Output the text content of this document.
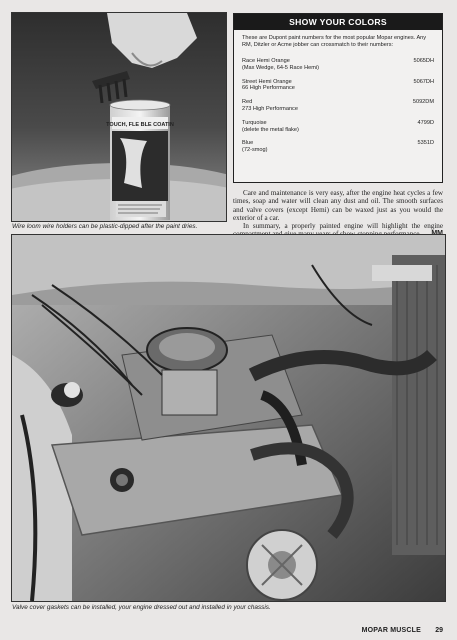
TOUCH, FLE BLE COATIN
Wire loom wire holders can be plastic-dipped after the paint dries.
SHOW YOUR COLORS
These are Dupont paint numbers for the most popular Mopar engines. Any RM, Ditzler or Acme jobber can crossmatch to their numbers:
Race Hemi Orange
(Max Wedge, 64-5 Race Hemi)
5065DH
Street Hemi Orange
66 High Performance
5067DH
Red
273 High Performance
5092DM
Turquoise
(delete the metal flake)
4799D
Blue
(72-smog)
5351D

Care and maintenance is very easy, after the engine heat cycles a few times, soap and water will clean any dust and oil. The smooth surfaces and valve covers (except Hemi) can be waxed just as you would the exterior of a car.

In summary, a properly painted engine will highlight the engine

Valve cover gaskets can be installed, your engine dressed out and installed in your chassis.
MOPAR MUSCLE 29
